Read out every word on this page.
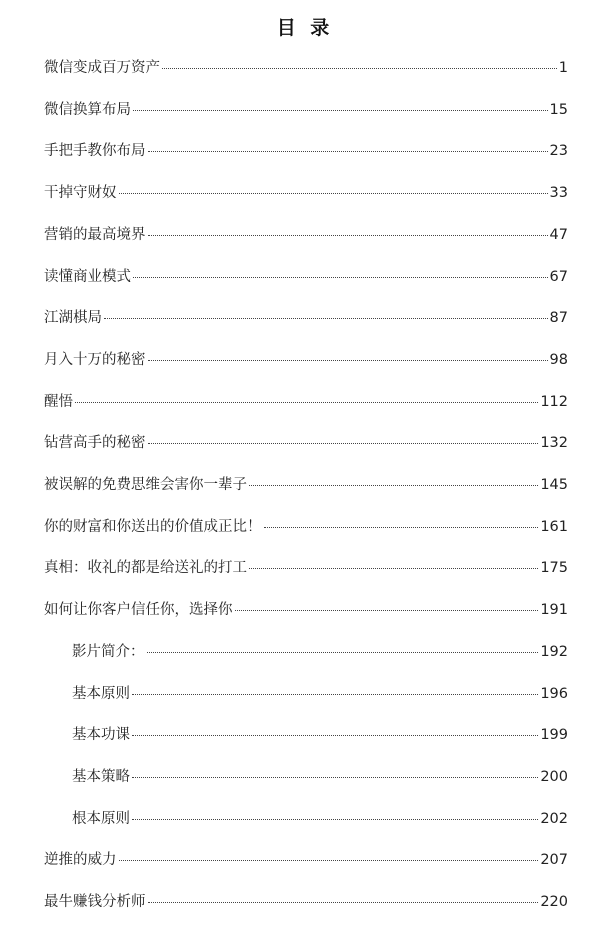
目 录
微信变成百万资产	1
微信换算布局	15
手把手教你布局	23
干掉守财奴	33
营销的最高境界	47
读懂商业模式	67
江湖棋局	87
月入十万的秘密	98
醒悟	112
钻营高手的秘密	132
被误解的免费思维会害你一辈子	145
你的财富和你送出的价值成正比！	161
真相：收礼的都是给送礼的打工	175
如何让你客户信任你，选择你	191
影片简介：	192
基本原则	196
基本功课	199
基本策略	200
根本原则	202
逆推的威力	207
最牛赚钱分析师	220
